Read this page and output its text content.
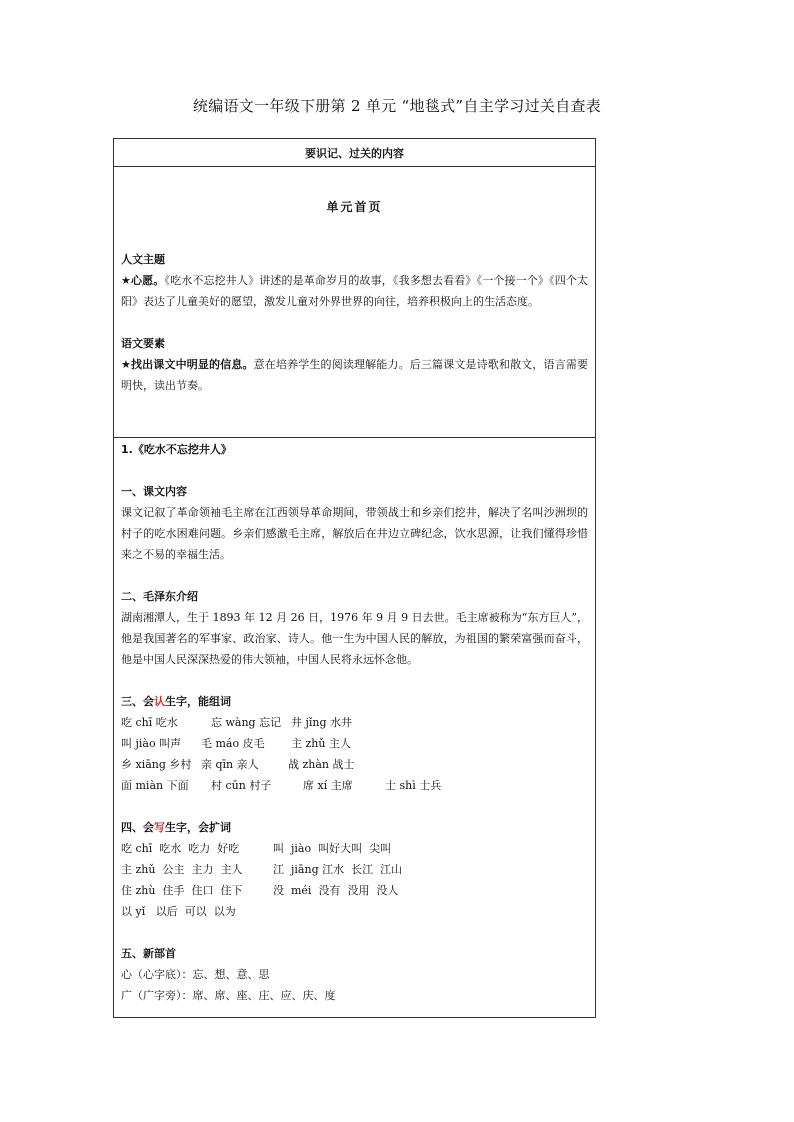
统编语文一年级下册第 2 单元 “地毯式”自主学习过关自查表
要识记、过关的内容
单元首页
人文主题
★心愿。《吃水不忘挖井人》讲述的是革命岁月的故事，《我多想去看看》《一个接一个》《四个太阳》表达了儿童美好的愿望，激发儿童对外界世界的向往，培养积极向上的生活态度。
语文要素
★找出课文中明显的信息。意在培养学生的阅读理解能力。后三篇课文是诗歌和散文，语言需要明快，读出节奏。
1.《吃水不忘挖井人》
一、课文内容
课文记叙了革命领袖毛主席在江西领导革命期间，带领战士和乡亲们挖井，解决了名叫沙洲坝的村子的吃水困难问题。乡亲们感激毛主席，解放后在井边立碑纪念，饮水思源，让我们懂得珍惜来之不易的幸福生活。
二、毛泽东介绍
湖南湘潭人，生于 1893 年 12 月 26 日，1976 年 9 月 9 日去世。毛主席被称为“东方巨人”，他是我国著名的军事家、政治家、诗人。他一生为中国人民的解放，为祖国的繁荣富强而奋斗，他是中国人民深深热爱的伟大领袖，中国人民将永远怀念他。
三、会认生字，能组词
吃 chī 吃水	忘 wàng 忘记 井 jǐng 水井
叫 jiào 叫声 毛 máo 皮毛 主 zhǔ 主人
乡 xiāng 乡村 亲 qīn 亲人	战 zhàn 战士
面 miàn 下面 村 cūn 村子	席 xí 主席	士 shì 士兵
四、会写生字，会扩词
吃 chī  吃水  吃力  好吃	叫  jiào  叫好大叫  尖叫
主 zhǔ  公主  主力  主人	江  jiāng 江水  长江  江山
住 zhù  住手  住口  住下	没  méi  没有  没用  没人
以 yǐ   以后  可以  以为
五、新部首
心（心字底）：忘、想、意、思
广（广字旁）：席、席、座、庄、应、庆、度
